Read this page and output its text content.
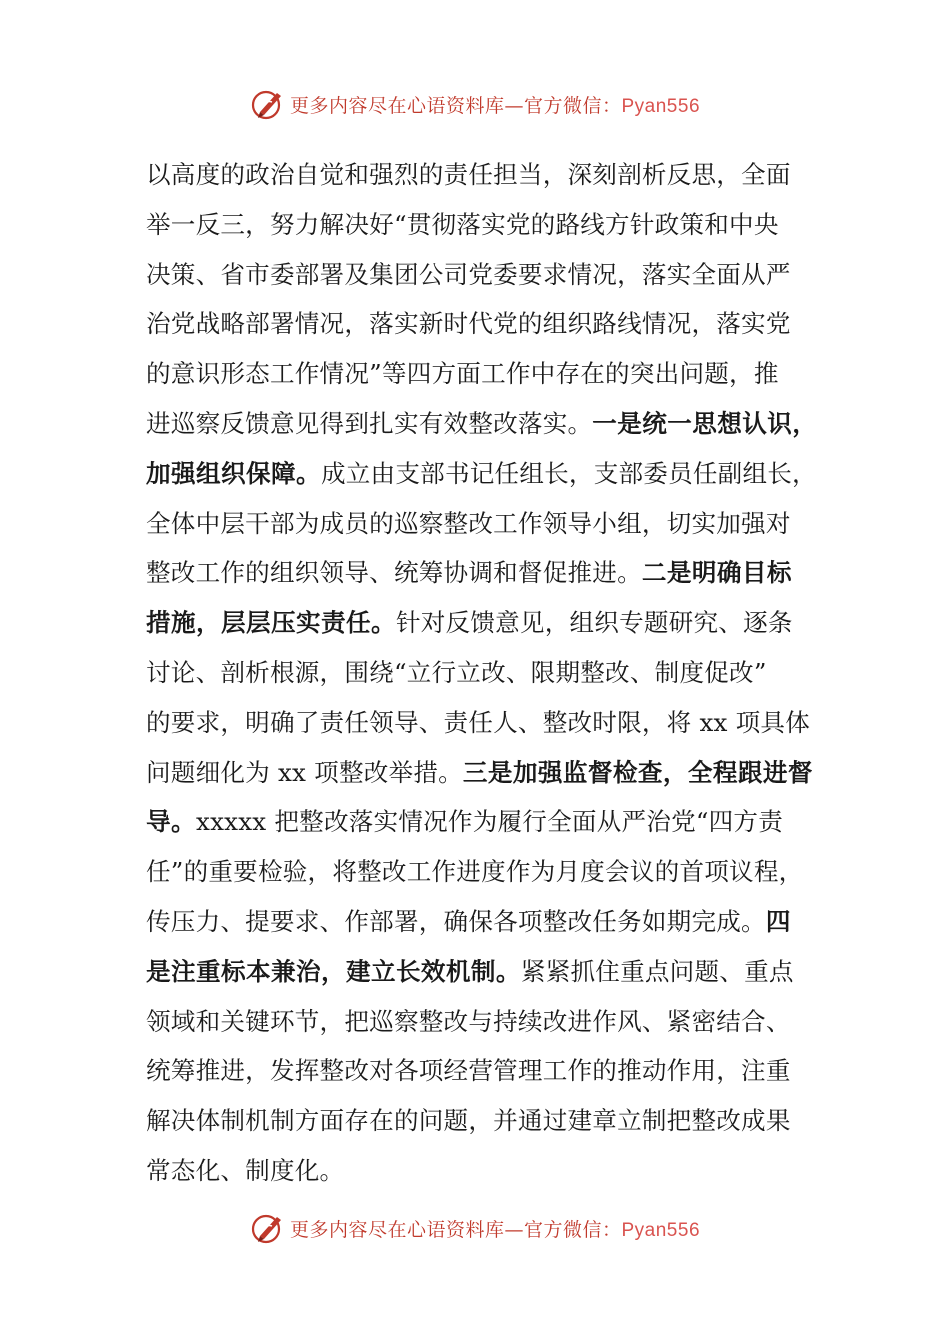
更多内容尽在心语资料库—官方微信：Pyan556
以高度的政治自觉和强烈的责任担当，深刻剖析反思，全面
举一反三，努力解决好“贯彻落实党的路线方针政策和中央
决策、省市委部署及集团公司党委要求情况，落实全面从严
治党战略部署情况，落实新时代党的组织路线情况，落实党
的意识形态工作情况”等四方面工作中存在的突出问题，推
进巡察反馈意见得到扎实有效整改落实。一是统一思想认识，
加强组织保障。成立由支部书记任组长，支部委员任副组长，
全体中层干部为成员的巡察整改工作领导小组，切实加强对
整改工作的组织领导、统筹协调和督促推进。二是明确目标
措施，层层压实责任。针对反馈意见，组织专题研究、逐条
讨论、剖析根源，围绕“立行立改、限期整改、制度促改”
的要求，明确了责任领导、责任人、整改时限，将 xx 项具体
问题细化为 xx 项整改举措。三是加强监督检查，全程跟进督
导。xxxxx 把整改落实情况作为履行全面从严治党“四方责
任”的重要检验，将整改工作进度作为月度会议的首项议程，
传压力、提要求、作部署，确保各项整改任务如期完成。四
是注重标本兼治，建立长效机制。紧紧抓住重点问题、重点
领域和关键环节，把巡察整改与持续改进作风、紧密结合、
统筹推进，发挥整改对各项经营管理工作的推动作用，注重
解决体制机制方面存在的问题，并通过建章立制把整改成果
常态化、制度化。
更多内容尽在心语资料库—官方微信：Pyan556
